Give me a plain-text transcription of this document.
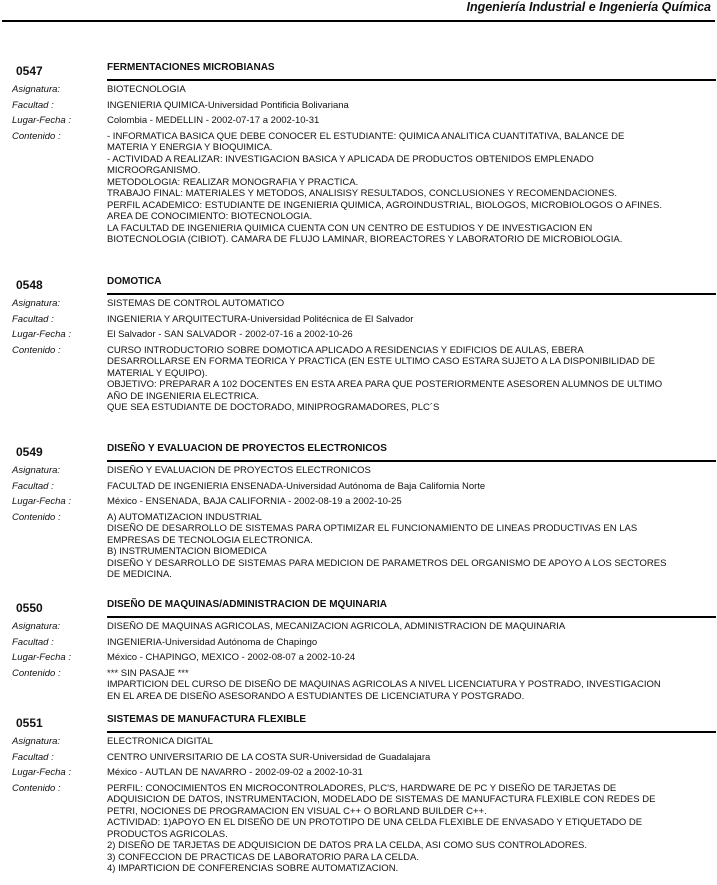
Ingeniería Industrial e Ingeniería Química
0547	FERMENTACIONES MICROBIANAS
Asignatura:	BIOTECNOLOGIA
Facultad :	INGENIERIA QUIMICA-Universidad Pontificia Bolivariana
Lugar-Fecha :	Colombia - MEDELLIN - 2002-07-17 a 2002-10-31
Contenido :	- INFORMATICA BASICA QUE DEBE CONOCER EL ESTUDIANTE: QUIMICA ANALITICA CUANTITATIVA, BALANCE DE
MATERIA Y ENERGIA Y BIOQUIMICA.
- ACTIVIDAD A REALIZAR: INVESTIGACION BASICA Y APLICADA DE PRODUCTOS OBTENIDOS EMPLENADO
MICROORGANISMO.
METODOLOGIA: REALIZAR MONOGRAFIA Y PRACTICA.
TRABAJO FINAL: MATERIALES Y METODOS, ANALISISY RESULTADOS, CONCLUSIONES Y RECOMENDACIONES.
PERFIL ACADEMICO: ESTUDIANTE DE INGENIERIA QUIMICA, AGROINDUSTRIAL, BIOLOGOS, MICROBIOLOGOS O AFINES.
AREA DE CONOCIMIENTO: BIOTECNOLOGIA.
LA FACULTAD DE INGENIERIA QUIMICA CUENTA CON UN CENTRO DE ESTUDIOS Y DE INVESTIGACION EN
BIOTECNOLOGIA (CIBIOT). CAMARA DE FLUJO LAMINAR, BIOREACTORES Y LABORATORIO DE MICROBIOLOGIA.
0548	DOMOTICA
Asignatura:	SISTEMAS DE CONTROL AUTOMATICO
Facultad :	INGENIERIA Y ARQUITECTURA-Universidad Politécnica de El Salvador
Lugar-Fecha :	El Salvador - SAN SALVADOR - 2002-07-16 a 2002-10-26
Contenido :	CURSO INTRODUCTORIO SOBRE DOMOTICA APLICADO A RESIDENCIAS Y EDIFICIOS DE AULAS, EBERA
DESARROLLARSE EN FORMA TEORICA Y PRACTICA (EN ESTE ULTIMO CASO ESTARA SUJETO A LA DISPONIBILIDAD DE
MATERIAL Y EQUIPO).
OBJETIVO: PREPARAR A 102 DOCENTES EN ESTA AREA PARA QUE POSTERIORMENTE ASESOREN ALUMNOS DE ULTIMO
AÑO DE INGENIERIA ELECTRICA.
QUE SEA ESTUDIANTE DE DOCTORADO, MINIPROGRAMADORES, PLC´S
0549	DISEÑO Y EVALUACION DE PROYECTOS ELECTRONICOS
Asignatura:	DISEÑO Y EVALUACION DE PROYECTOS ELECTRONICOS
Facultad :	FACULTAD DE INGENIERIA ENSENADA-Universidad Autónoma de Baja California Norte
Lugar-Fecha :	México - ENSENADA, BAJA CALIFORNIA - 2002-08-19 a 2002-10-25
Contenido :	A) AUTOMATIZACION INDUSTRIAL
DISEÑO DE DESARROLLO DE SISTEMAS PARA OPTIMIZAR EL FUNCIONAMIENTO DE LINEAS PRODUCTIVAS EN LAS
EMPRESAS DE TECNOLOGIA ELECTRONICA.
B) INSTRUMENTACION BIOMEDICA
DISEÑO Y DESARROLLO DE SISTEMAS PARA MEDICION DE PARAMETROS DEL ORGANISMO DE APOYO A LOS SECTORES
DE MEDICINA.
0550	DISEÑO DE MAQUINAS/ADMINISTRACION DE MQUINARIA
Asignatura:	DISEÑO DE MAQUINAS AGRICOLAS, MECANIZACION AGRICOLA, ADMINISTRACION DE MAQUINARIA
Facultad :	INGENIERIA-Universidad Autónoma de Chapingo
Lugar-Fecha :	México - CHAPINGO, MEXICO - 2002-08-07 a 2002-10-24
Contenido :	*** SIN PASAJE ***
IMPARTICION DEL CURSO DE DISEÑO DE MAQUINAS AGRICOLAS A NIVEL LICENCIATURA Y POSTRADO, INVESTIGACION
EN EL AREA DE DISEÑO ASESORANDO A ESTUDIANTES DE LICENCIATURA Y POSTGRADO.
0551	SISTEMAS DE MANUFACTURA FLEXIBLE
Asignatura:	ELECTRONICA DIGITAL
Facultad :	CENTRO UNIVERSITARIO DE LA COSTA SUR-Universidad de Guadalajara
Lugar-Fecha :	México - AUTLAN DE NAVARRO - 2002-09-02 a 2002-10-31
Contenido :	PERFIL: CONOCIMIENTOS EN MICROCONTROLADORES, PLC'S, HARDWARE DE PC Y DISEÑO DE TARJETAS DE
ADQUISICION DE DATOS, INSTRUMENTACION, MODELADO DE SISTEMAS DE MANUFACTURA FLEXIBLE CON REDES DE
PETRI, NOCIONES DE PROGRAMACION EN VISUAL C++ O BORLAND BUILDER C++.
ACTIVIDAD: 1)APOYO EN EL DISEÑO DE UN PROTOTIPO DE UNA CELDA FLEXIBLE DE ENVASADO Y ETIQUETADO DE
PRODUCTOS AGRICOLAS.
2) DISEÑO DE TARJETAS DE ADQUISICION DE DATOS PRA LA CELDA, ASI COMO SUS CONTROLADORES.
3) CONFECCION DE PRACTICAS DE LABORATORIO PARA LA CELDA.
4) IMPARTICION DE CONFERENCIAS SOBRE AUTOMATIZACION.
